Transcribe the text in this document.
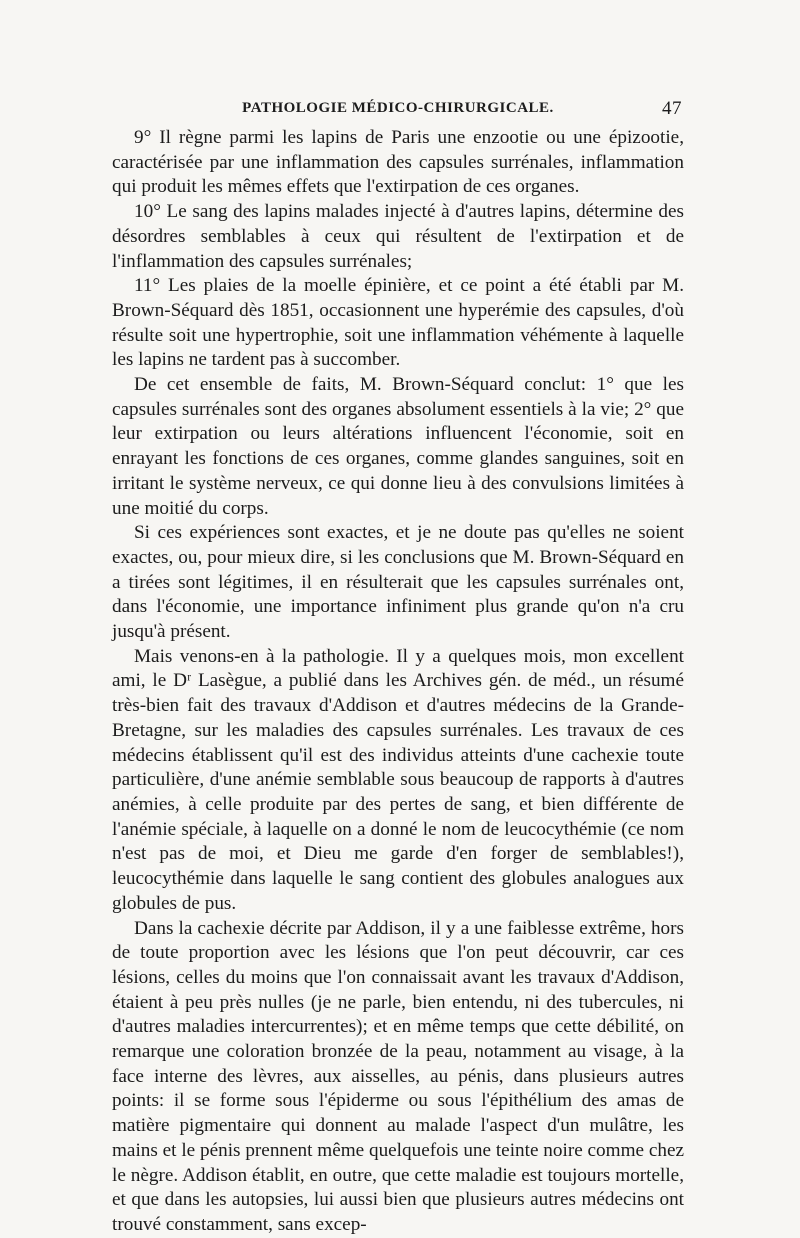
PATHOLOGIE MÉDICO-CHIRURGICALE.	47

9° Il règne parmi les lapins de Paris une enzootie ou une épizootie, caractérisée par une inflammation des capsules surrénales, inflammation qui produit les mêmes effets que l'extirpation de ces organes.

10° Le sang des lapins malades injecté à d'autres lapins, détermine des désordres semblables à ceux qui résultent de l'extirpation et de l'inflammation des capsules surrénales;

11° Les plaies de la moelle épinière, et ce point a été établi par M. Brown-Séquard dès 1851, occasionnent une hyperémie des capsules, d'où résulte soit une hypertrophie, soit une inflammation véhémente à laquelle les lapins ne tardent pas à succomber.

De cet ensemble de faits, M. Brown-Séquard conclut: 1° que les capsules surrénales sont des organes absolument essentiels à la vie; 2° que leur extirpation ou leurs altérations influencent l'économie, soit en enrayant les fonctions de ces organes, comme glandes sanguines, soit en irritant le système nerveux, ce qui donne lieu à des convulsions limitées à une moitié du corps.

Si ces expériences sont exactes, et je ne doute pas qu'elles ne soient exactes, ou, pour mieux dire, si les conclusions que M. Brown-Séquard en a tirées sont légitimes, il en résulterait que les capsules surrénales ont, dans l'économie, une importance infiniment plus grande qu'on n'a cru jusqu'à présent.

Mais venons-en à la pathologie. Il y a quelques mois, mon excellent ami, le Dʳ Lasègue, a publié dans les Archives gén. de méd., un résumé très-bien fait des travaux d'Addison et d'autres médecins de la Grande-Bretagne, sur les maladies des capsules surrénales. Les travaux de ces médecins établissent qu'il est des individus atteints d'une cachexie toute particulière, d'une anémie semblable sous beaucoup de rapports à d'autres anémies, à celle produite par des pertes de sang, et bien différente de l'anémie spéciale, à laquelle on a donné le nom de leucocythémie (ce nom n'est pas de moi, et Dieu me garde d'en forger de semblables!), leucocythémie dans laquelle le sang contient des globules analogues aux globules de pus.

Dans la cachexie décrite par Addison, il y a une faiblesse extrême, hors de toute proportion avec les lésions que l'on peut découvrir, car ces lésions, celles du moins que l'on connaissait avant les travaux d'Addison, étaient à peu près nulles (je ne parle, bien entendu, ni des tubercules, ni d'autres maladies intercurrentes); et en même temps que cette débilité, on remarque une coloration bronzée de la peau, notamment au visage, à la face interne des lèvres, aux aisselles, au pénis, dans plusieurs autres points: il se forme sous l'épiderme ou sous l'épithélium des amas de matière pigmentaire qui donnent au malade l'aspect d'un mulâtre, les mains et le pénis prennent même quelquefois une teinte noire comme chez le nègre. Addison établit, en outre, que cette maladie est toujours mortelle, et que dans les autopsies, lui aussi bien que plusieurs autres médecins ont trouvé constamment, sans excep-
